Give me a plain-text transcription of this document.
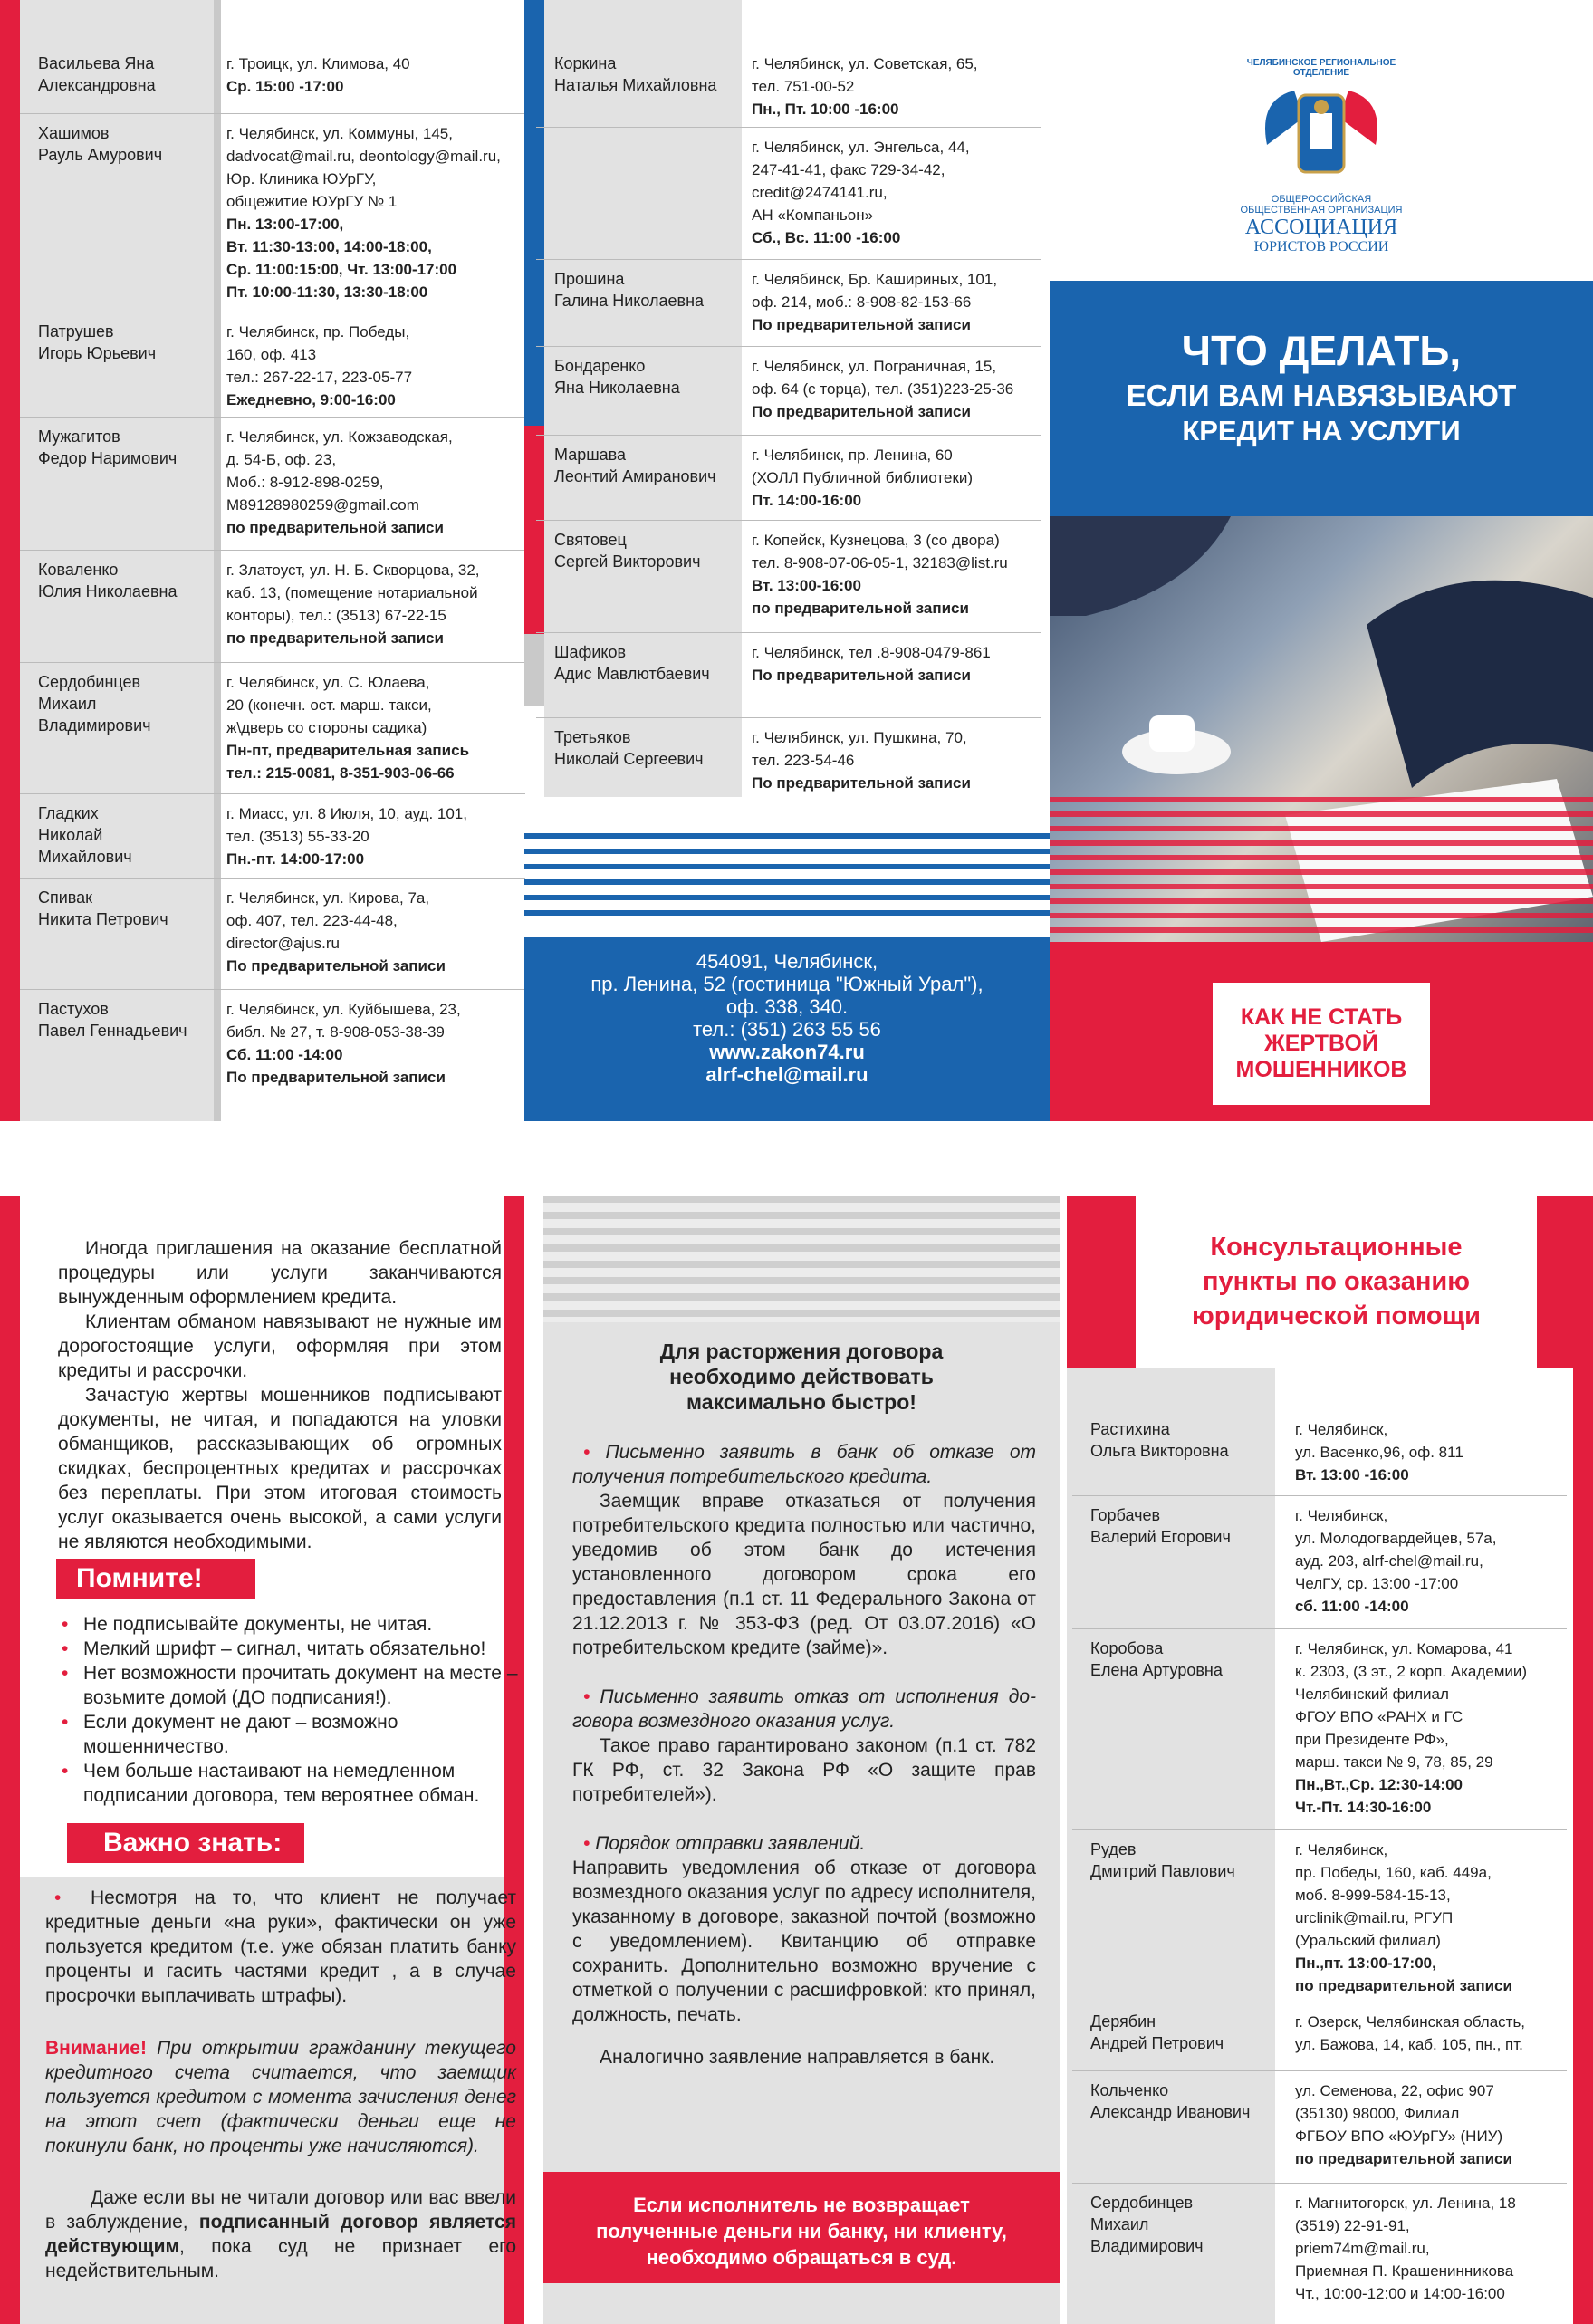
Васильева Яна
Александровна
г. Троицк, ул. Климова, 40
Ср. 15:00 -17:00
Хашимов
Рауль Амурович
г. Челябинск, ул. Коммуны, 145,
dadvocat@mail.ru, deontology@mail.ru,
Юр. Клиника ЮУрГУ,
общежитие ЮУрГУ № 1
Пн. 13:00-17:00,
Вт. 11:30-13:00, 14:00-18:00,
Ср. 11:00:15:00, Чт. 13:00-17:00
Пт. 10:00-11:30, 13:30-18:00
Патрушев
Игорь Юрьевич
г. Челябинск, пр. Победы,
160, оф. 413
тел.: 267-22-17, 223-05-77
Ежедневно, 9:00-16:00
Мужагитов
Федор Наримович
г. Челябинск, ул. Кожзаводская,
д. 54-Б, оф. 23,
Моб.: 8-912-898-0259,
M89128980259@gmail.com
по предварительной записи
Коваленко
Юлия Николаевна
г. Златоуст, ул. Н. Б. Скворцова, 32,
каб. 13, (помещение нотариальной
конторы), тел.: (3513) 67-22-15
по предварительной записи
Сердобинцев
Михаил
Владимирович
г. Челябинск, ул. С. Юлаева,
20 (конечн. ост. марш. такси,
ж\дверь со стороны садика)
Пн-пт, предварительная запись
тел.: 215-0081, 8-351-903-06-66
Гладких
Николай
Михайлович
г. Миасс, ул. 8 Июля, 10, ауд. 101,
тел. (3513) 55-33-20
Пн.-пт. 14:00-17:00
Спивак
Никита Петрович
г. Челябинск, ул. Кирова, 7а,
оф. 407, тел. 223-44-48,
director@ajus.ru
По предварительной записи
Пастухов
Павел Геннадьевич
г. Челябинск, ул. Куйбышева, 23,
библ. № 27, т. 8-908-053-38-39
Сб. 11:00 -14:00
По предварительной записи
Коркина
Наталья Михайловна
г. Челябинск, ул. Советская, 65,
тел. 751-00-52
Пн., Пт. 10:00 -16:00
г. Челябинск, ул. Энгельса, 44,
247-41-41, факс 729-34-42,
credit@2474141.ru,
АН «Компаньон»
Сб., Вс. 11:00 -16:00
Прошина
Галина Николаевна
г. Челябинск, Бр. Кашириных, 101,
оф. 214, моб.: 8-908-82-153-66
По предварительной записи
Бондаренко
Яна Николаевна
г. Челябинск, ул. Пограничная, 15,
оф. 64 (с торца), тел. (351)223-25-36
По предварительной записи
Маршава
Леонтий Амиранович
г. Челябинск, пр. Ленина, 60
(ХОЛЛ Публичной библиотеки)
Пт. 14:00-16:00
Святовец
Сергей Викторович
г. Копейск, Кузнецова, 3 (со двора)
тел. 8-908-07-06-05-1, 32183@list.ru
Вт. 13:00-16:00
по предварительной записи
Шафиков
Адис Мавлютбаевич
г. Челябинск, тел .8-908-0479-861
По предварительной записи
Третьяков
Николай Сергеевич
г. Челябинск, ул. Пушкина, 70,
тел. 223-54-46
По предварительной записи
454091, Челябинск,
пр. Ленина, 52 (гостиница "Южный Урал"),
оф. 338, 340.
тел.: (351) 263 55 56
www.zakon74.ru
alrf-chel@mail.ru
ЧЕЛЯБИНСКОЕ РЕГИОНАЛЬНОЕ
ОТДЕЛЕНИЕ
ОБЩЕРОССИЙСКАЯ
ОБЩЕСТВЕННАЯ ОРГАНИЗАЦИЯ
АССОЦИАЦИЯ
ЮРИСТОВ РОССИИ
ЧТО ДЕЛАТЬ,
ЕСЛИ ВАМ НАВЯЗЫВАЮТ
КРЕДИТ НА УСЛУГИ
КАК НЕ СТАТЬ
ЖЕРТВОЙ
МОШЕННИКОВ
Иногда приглашения на оказание бесплатной процедуры или услуги заканчиваются вынужденным оформлением кредита.
Клиентам обманом навязывают не нужные им дорогостоящие услуги, оформляя при этом кредиты и рассрочки.
Зачастую жертвы мошенников подписывают документы, не читая, и попадаются на уловки обманщиков, рассказывающих об огромных скидках, беспроцентных кредитах и рассрочках без переплаты. При этом итоговая стоимость услуг оказывается очень высокой, а сами услуги не являются необходимыми.
Помните!
• Не подписывайте документы, не читая.
• Мелкий шрифт – сигнал, читать обязательно!
• Нет возможности прочитать документ на месте – возьмите домой (ДО подписания!).
• Если документ не дают – возможно мошенничество.
• Чем больше настаивают на немедленном подписании договора, тем вероятнее обман.
Важно знать:
• Несмотря на то, что клиент не получает кредитные деньги «на руки», фактически он уже пользуется кредитом (т.е. уже обязан платить банку проценты и гасить частями кредит , а в случае просрочки выплачивать штрафы).
Внимание! При открытии гражданину текущего кредитного счета считается, что заемщик пользуется кредитом с момента зачисления денег на этот счет (фактически деньги еще не покинули банк, но проценты уже начисляются).
Даже если вы не читали договор или вас ввели в заблуждение, подписанный договор является действующим, пока суд не признает его недействительным.
Для расторжения договора
необходимо действовать
максимально быстро!
• Письменно заявить в банк об отказе от получения потребительского кредита.
Заемщик вправе отказаться от получения потребительского кредита полностью или частично, уведомив об этом банк до истечения установленного договором срока его предоставления (п.1 ст. 11 Федерального Закона от 21.12.2013 г. № 353-ФЗ (ред. От 03.07.2016) «О потребительском кредите (займе)».
• Письменно заявить отказ от исполнения до-говора возмездного оказания услуг.
Такое право гарантировано законом (п.1 ст. 782 ГК РФ, ст. 32 Закона РФ «О защите прав потребителей»).
• Порядок отправки заявлений.
Направить уведомления об отказе от договора возмездного оказания услуг по адресу исполнителя, указанному в договоре, заказной почтой (возможно с уведомлением). Квитанцию об отправке сохранить. Дополнительно возможно вручение с отметкой о получении с расшифровкой: кто принял, должность, печать.
Аналогично заявление направляется в банк.
Если исполнитель не возвращает
полученные деньги ни банку, ни клиенту,
необходимо обращаться в суд.
Консультационные
пункты по оказанию
юридической помощи
Растихина
Ольга Викторовна
г. Челябинск,
ул. Васенко,96, оф. 811
Вт. 13:00 -16:00
Горбачев
Валерий Егорович
г. Челябинск,
ул. Молодогвардейцев, 57а,
ауд. 203, alrf-chel@mail.ru,
ЧелГУ, ср. 13:00 -17:00
сб. 11:00 -14:00
Коробова
Елена Артуровна
г. Челябинск, ул. Комарова, 41
к. 2303, (3 эт., 2 корп. Академии)
Челябинский филиал
ФГОУ ВПО «РАНХ и ГС
при Президенте РФ»,
марш. такси № 9, 78, 85, 29
Пн.,Вт.,Ср. 12:30-14:00
Чт.-Пт. 14:30-16:00
Рудев
Дмитрий Павлович
г. Челябинск,
пр. Победы, 160, каб. 449а,
моб. 8-999-584-15-13,
urclinik@mail.ru, РГУП
(Уральский филиал)
Пн.,пт. 13:00-17:00,
по предварительной записи
Дерябин
Андрей Петрович
г. Озерск, Челябинская область,
ул. Бажова, 14, каб. 105, пн., пт.
Кольченко
Александр Иванович
ул. Семенова, 22, офис 907
(35130) 98000, Филиал
ФГБОУ ВПО «ЮУрГУ» (НИУ)
по предварительной записи
Сердобинцев
Михаил
Владимирович
г. Магнитогорск, ул. Ленина, 18
(3519) 22-91-91,
priem74m@mail.ru,
Приемная П. Крашенинникова
Чт., 10:00-12:00 и 14:00-16:00
